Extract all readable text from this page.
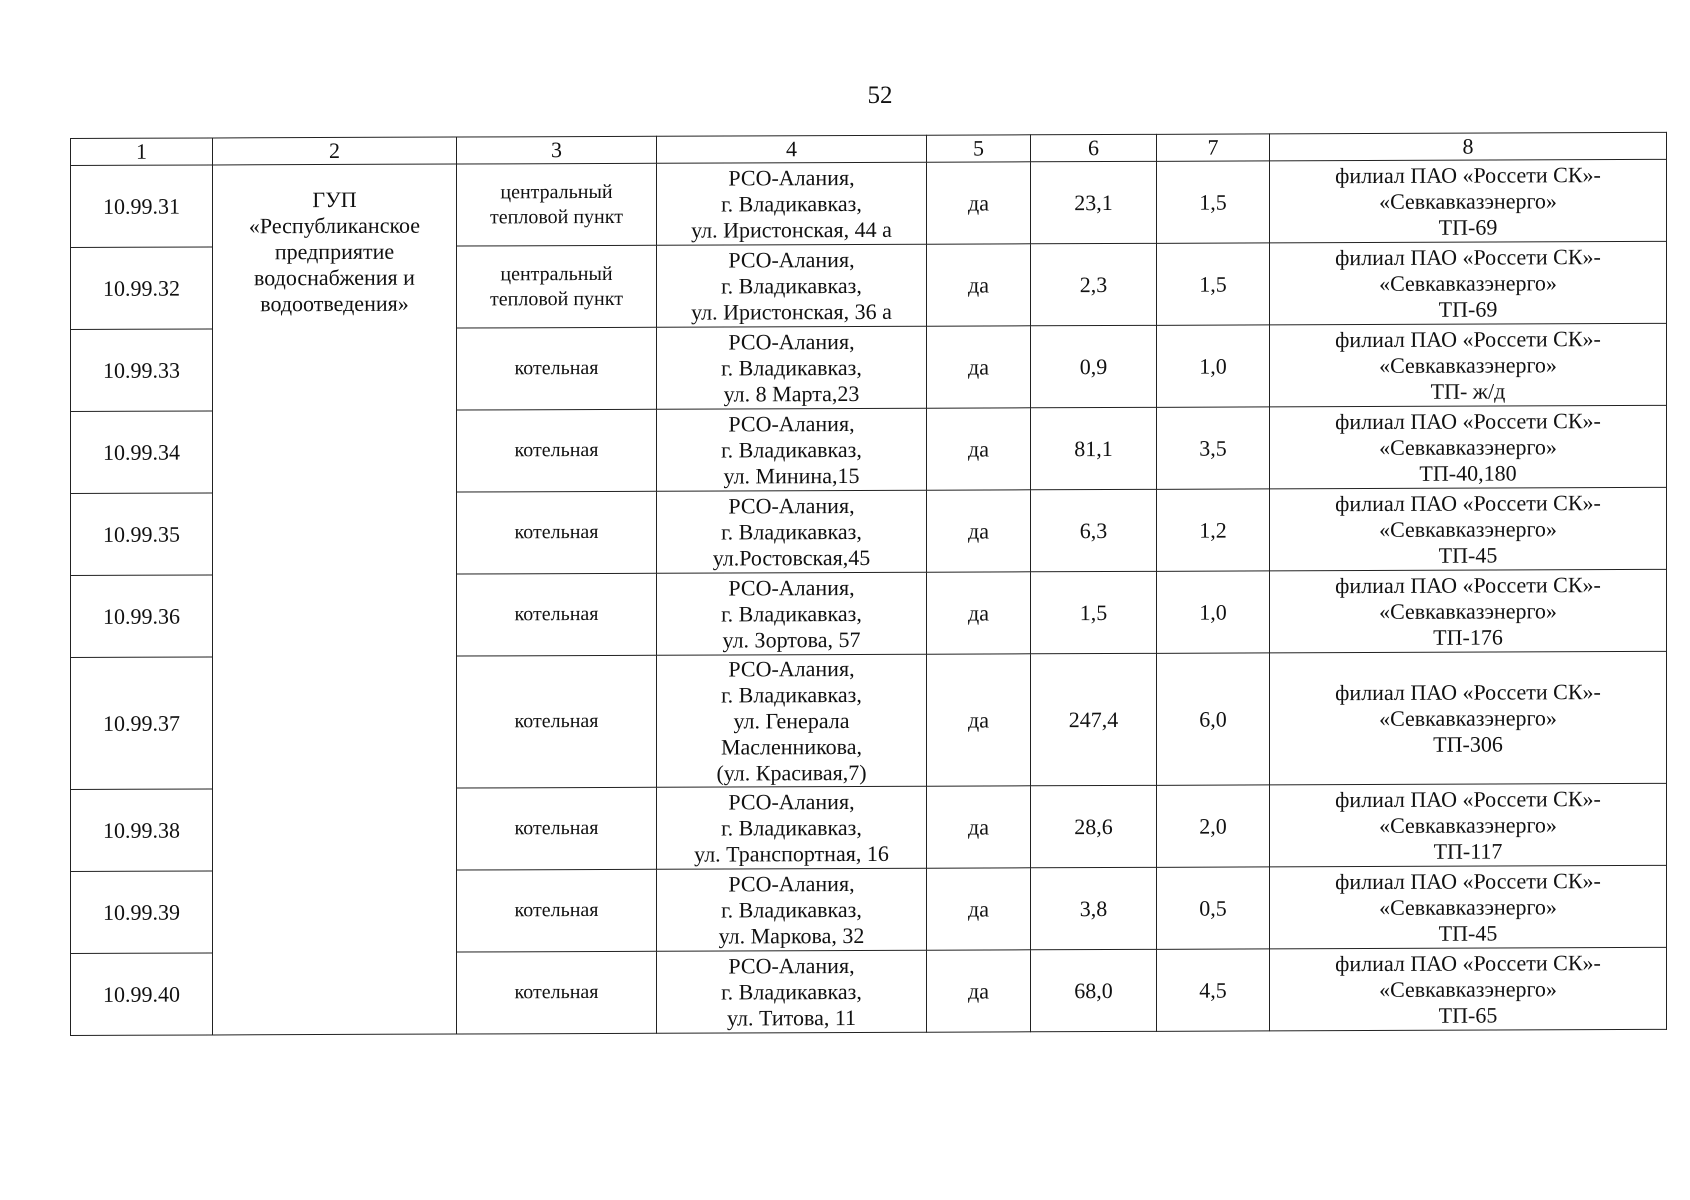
52
1	2	3	4	5	6	7	8
10.99.31	ГУП
«Республиканское
предприятие
водоснабжения и
водоотведения»	центральный
тепловой пункт	РСО-Алания,
г. Владикавказ,
ул. Иристонская, 44 а	да	23,1	1,5	филиал ПАО «Россети СК»-
«Севкавказэнерго»
ТП-69

10.99.32		центральный
тепловой пункт	РСО-Алания,
г. Владикавказ,
ул. Иристонская, 36 а	да	2,3	1,5	филиал ПАО «Россети СК»-
«Севкавказэнерго»
ТП-69

10.99.33		котельная	РСО-Алания,
г. Владикавказ,
ул. 8 Марта,23	да	0,9	1,0	филиал ПАО «Россети СК»-
«Севкавказэнерго»
ТП- ж/д

10.99.34		котельная	РСО-Алания,
г. Владикавказ,
ул. Минина,15	да	81,1	3,5	филиал ПАО «Россети СК»-
«Севкавказэнерго»
ТП-40,180

10.99.35		котельная	РСО-Алания,
г. Владикавказ,
ул.Ростовская,45	да	6,3	1,2	филиал ПАО «Россети СК»-
«Севкавказэнерго»
ТП-45

10.99.36		котельная	РСО-Алания,
г. Владикавказ,
ул. Зортова, 57	да	1,5	1,0	филиал ПАО «Россети СК»-
«Севкавказэнерго»
ТП-176

10.99.37		котельная	РСО-Алания,
г. Владикавказ,
ул. Генерала
Масленникова,
(ул. Красивая,7)	да	247,4	6,0	филиал ПАО «Россети СК»-
«Севкавказэнерго»
ТП-306

10.99.38		котельная	РСО-Алания,
г. Владикавказ,
ул. Транспортная, 16	да	28,6	2,0	филиал ПАО «Россети СК»-
«Севкавказэнерго»
ТП-117

10.99.39		котельная	РСО-Алания,
г. Владикавказ,
ул. Маркова, 32	да	3,8	0,5	филиал ПАО «Россети СК»-
«Севкавказэнерго»
ТП-45

10.99.40		котельная	РСО-Алания,
г. Владикавказ,
ул. Титова, 11	да	68,0	4,5	филиал ПАО «Россети СК»-
«Севкавказэнерго»
ТП-65
